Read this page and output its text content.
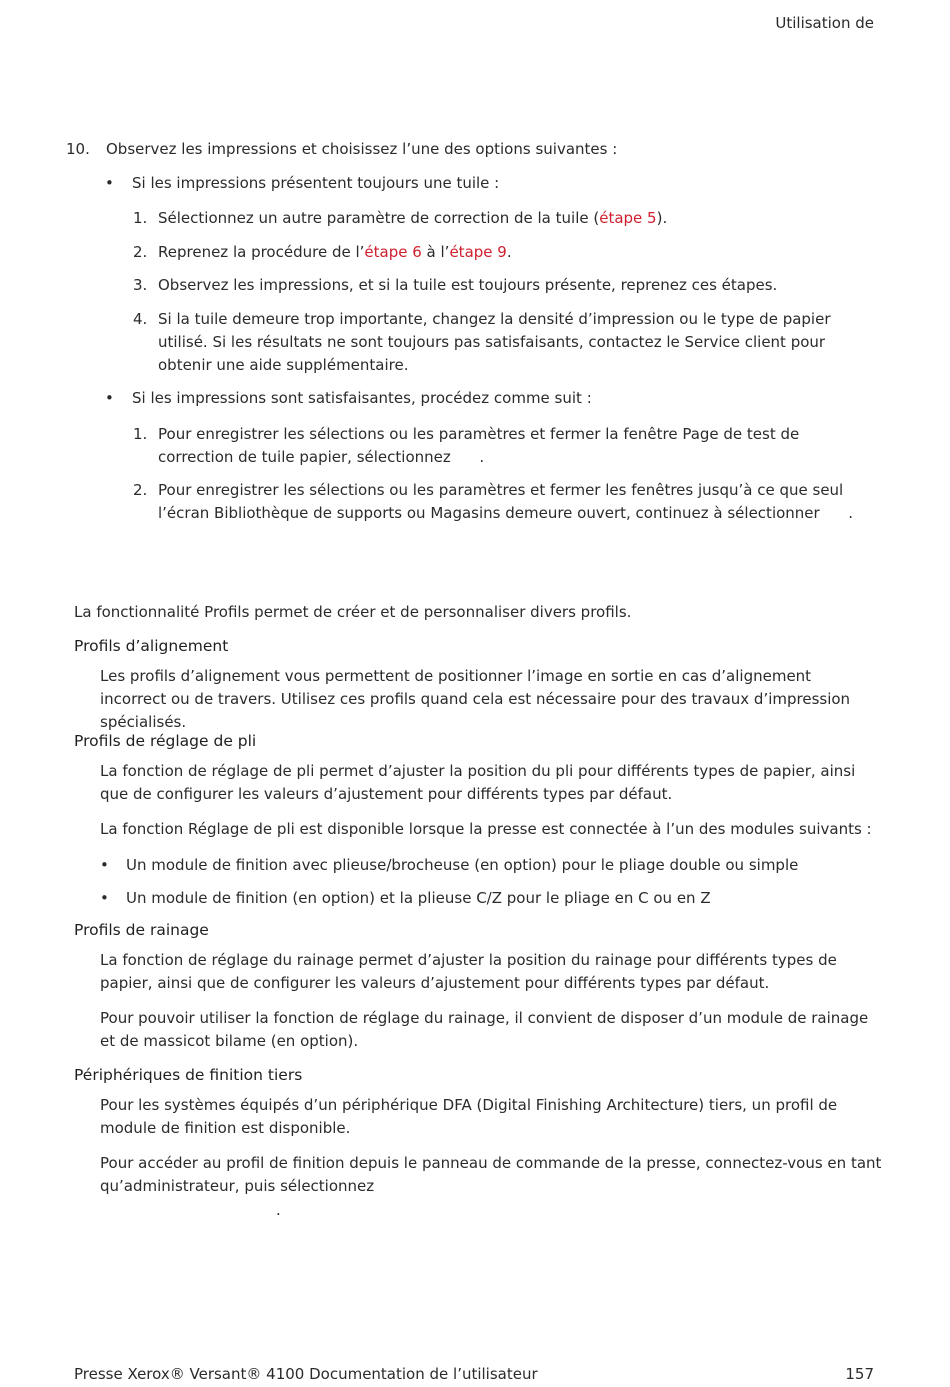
Utilisation de
10. Observez les impressions et choisissez l’une des options suivantes :
• Si les impressions présentent toujours une tuile :
1. Sélectionnez un autre paramètre de correction de la tuile (étape 5).
2. Reprenez la procédure de l’étape 6 à l’étape 9.
3. Observez les impressions, et si la tuile est toujours présente, reprenez ces étapes.
4. Si la tuile demeure trop importante, changez la densité d’impression ou le type de papier utilisé. Si les résultats ne sont toujours pas satisfaisants, contactez le Service client pour obtenir une aide supplémentaire.
• Si les impressions sont satisfaisantes, procédez comme suit :
1. Pour enregistrer les sélections ou les paramètres et fermer la fenêtre Page de test de correction de tuile papier, sélectionnez      .
2. Pour enregistrer les sélections ou les paramètres et fermer les fenêtres jusqu’à ce que seul l’écran Bibliothèque de supports ou Magasins demeure ouvert, continuez à sélectionner      .
La fonctionnalité Profils permet de créer et de personnaliser divers profils.
Profils d’alignement
Les profils d’alignement vous permettent de positionner l’image en sortie en cas d’alignement incorrect ou de travers. Utilisez ces profils quand cela est nécessaire pour des travaux d’impression spécialisés.
Profils de réglage de pli
La fonction de réglage de pli permet d’ajuster la position du pli pour différents types de papier, ainsi que de configurer les valeurs d’ajustement pour différents types par défaut.
La fonction Réglage de pli est disponible lorsque la presse est connectée à l’un des modules suivants :
• Un module de finition avec plieuse/brocheuse (en option) pour le pliage double ou simple
• Un module de finition (en option) et la plieuse C/Z pour le pliage en C ou en Z
Profils de rainage
La fonction de réglage du rainage permet d’ajuster la position du rainage pour différents types de papier, ainsi que de configurer les valeurs d’ajustement pour différents types par défaut.
Pour pouvoir utiliser la fonction de réglage du rainage, il convient de disposer d’un module de rainage et de massicot bilame (en option).
Périphériques de finition tiers
Pour les systèmes équipés d’un périphérique DFA (Digital Finishing Architecture) tiers, un profil de module de finition est disponible.
Pour accéder au profil de finition depuis le panneau de commande de la presse, connectez-vous en tant
qu’administrateur, puis sélectionnez
.
Presse Xerox® Versant® 4100 Documentation de l’utilisateur	157
